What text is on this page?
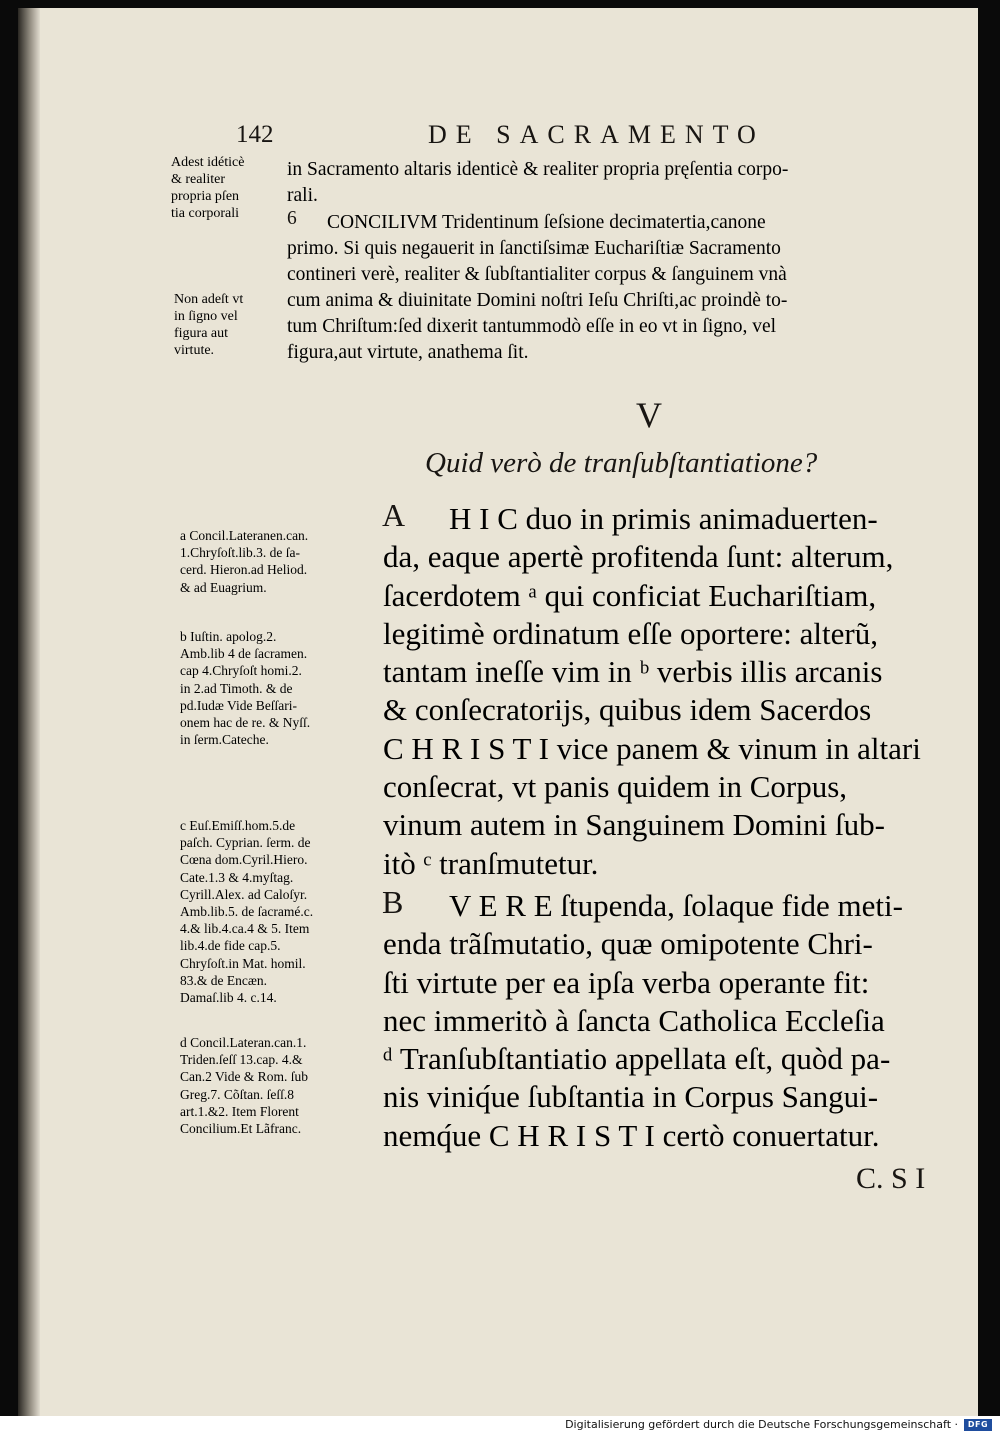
142	DE SACRAMENTO
Adest idéticè
& realiter
propria pſen
tia corporali
in Sacramento altaris identicè & realiter propria pręſentia corpo-
rali.
6	CONCILIVM Tridentinum ſeſsione decimatertia,canone
primo. Si quis negauerit in ſanctiſsimæ Euchariſtiæ Sacramento
contineri verè, realiter & ſubſtantialiter corpus & ſanguinem vnà
cum anima & diuinitate Domini noſtri Ieſu Chriſti,ac proindè to-
tum Chriſtum:ſed dixerit tantummodò eſſe in eo vt in ſigno, vel
figura,aut virtute, anathema ſit.
Non adeſt vt
in ſigno vel
figura aut
virtute.
V
Quid verò de tranſubſtantiatione?
A	H I C duo in primis animaduerten-
da, eaque apertè profitenda ſunt: alterum,
ſacerdotem ᵃ qui conficiat Euchariſtiam,
legitimè ordinatum eſſe oportere: alterũ,
tantam ineſſe vim in ᵇ verbis illis arcanis
& conſecratorijs, quibus idem Sacerdos
C H R I S T I vice panem & vinum in altari
conſecrat, vt panis quidem in Corpus,
vinum autem in Sanguinem Domini ſub-
itò ᶜ tranſmutetur.
B	V E R E ſtupenda, ſolaque fide meti-
enda trãſmutatio, quæ omipotente Chri-
ſti virtute per ea ipſa verba operante fit:
nec immeritò à ſancta Catholica Eccleſia
ᵈ Tranſubſtantiatio appellata eſt, quòd pa-
nis viniq́ue ſubſtantia in Corpus Sangui-
nemq́ue C H R I S T I certò conuertatur.
C. S I
a Concil.Lateranen.can.
1.Chryſoſt.lib.3. de ſa-
cerd. Hieron.ad Heliod.
& ad Euagrium.
b Iuſtin. apolog.2.
Amb.lib 4 de ſacramen.
cap 4.Chryſoſt homi.2.
in 2.ad Timoth. & de
pd.Iudæ Vide Beſſari-
onem hac de re. & Nyſſ.
in ſerm.Cateche.
c Euſ.Emiſſ.hom.5.de
paſch. Cyprian. ſerm. de
Cœna dom.Cyril.Hiero.
Cate.1.3 & 4.myſtag.
Cyrill.Alex. ad Caloſyr.
Amb.lib.5. de ſacramé.c.
4.& lib.4.ca.4 & 5. Item
lib.4.de fide cap.5.
Chryſoſt.in Mat. homil.
83.& de Encæn.
Damaſ.lib 4. c.14.
d Concil.Lateran.can.1.
Triden.ſeſſ 13.cap. 4.&
Can.2 Vide & Rom. ſub
Greg.7. Cõſtan. ſeſſ.8
art.1.&2. Item Florent
Concilium.Et Lãfranc.
Digitalisierung gefördert durch die Deutsche Forschungsgemeinschaft ·	DFG
